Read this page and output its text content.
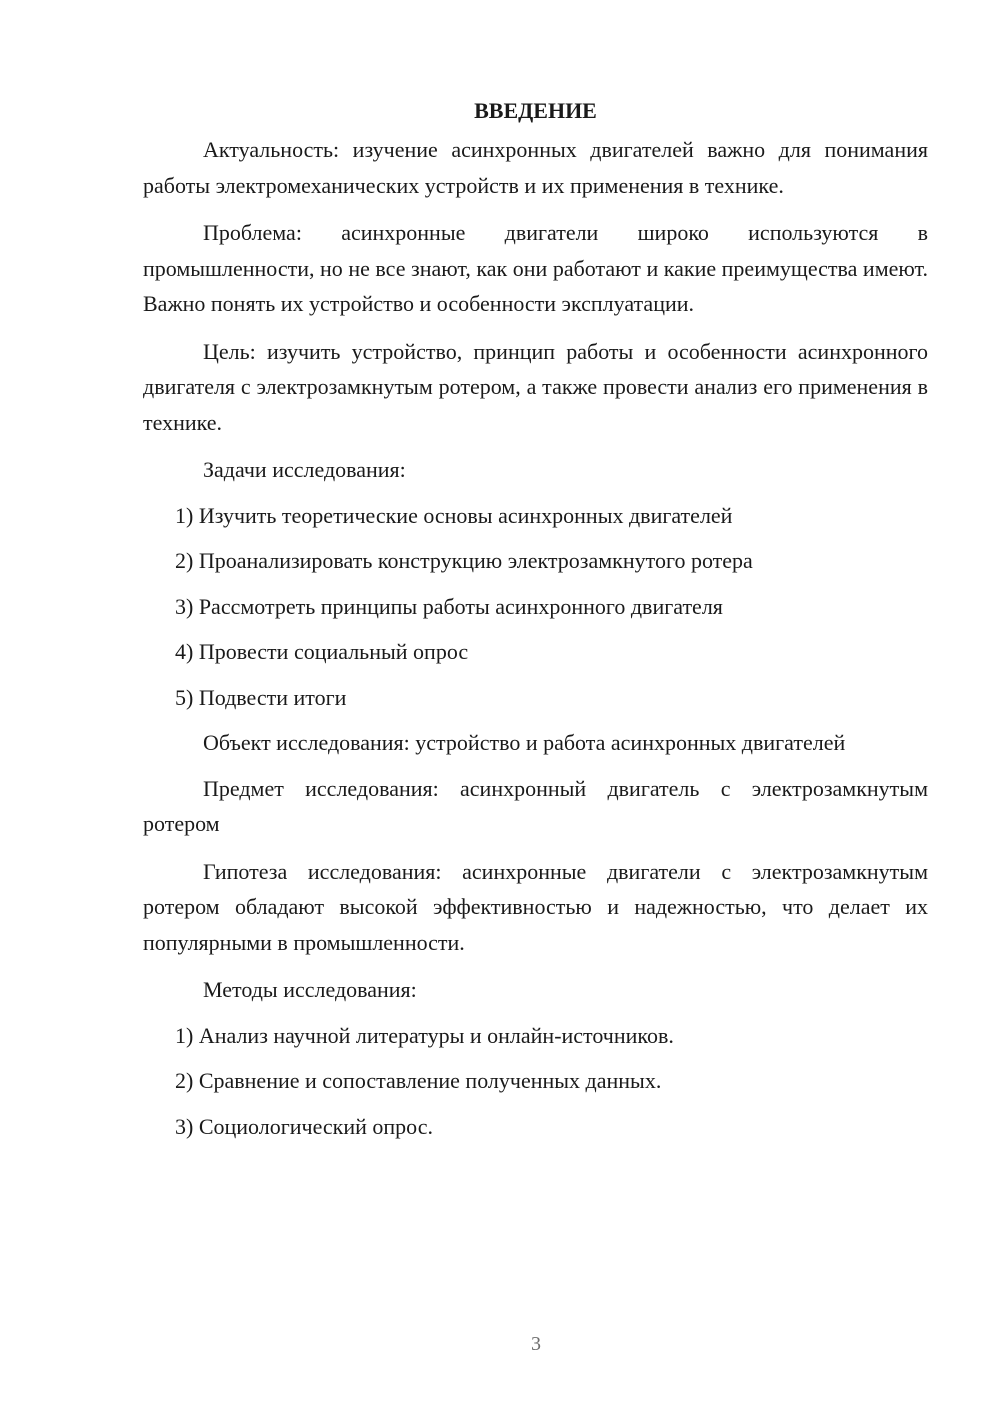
ВВЕДЕНИЕ

Актуальность: изучение асинхронных двигателей важно для понимания работы электромеханических устройств и их применения в технике.

Проблема: асинхронные двигатели широко используются в промышленности, но не все знают, как они работают и какие преимущества имеют. Важно понять их устройство и особенности эксплуатации.

Цель: изучить устройство, принцип работы и особенности асинхронного двигателя с электрозамкнутым ротером, а также провести анализ его применения в технике.

Задачи исследования:

1) Изучить теоретические основы асинхронных двигателей
2) Проанализировать конструкцию электрозамкнутого ротера
3) Рассмотреть принципы работы асинхронного двигателя
4) Провести социальный опрос
5) Подвести итоги

Объект исследования: устройство и работа асинхронных двигателей

Предмет исследования: асинхронный двигатель с электрозамкнутым ротером

Гипотеза исследования: асинхронные двигатели с электрозамкнутым ротером обладают высокой эффективностью и надежностью, что делает их популярными в промышленности.

Методы исследования:

1) Анализ научной литературы и онлайн-источников.
2) Сравнение и сопоставление полученных данных.
3) Социологический опрос.
3
